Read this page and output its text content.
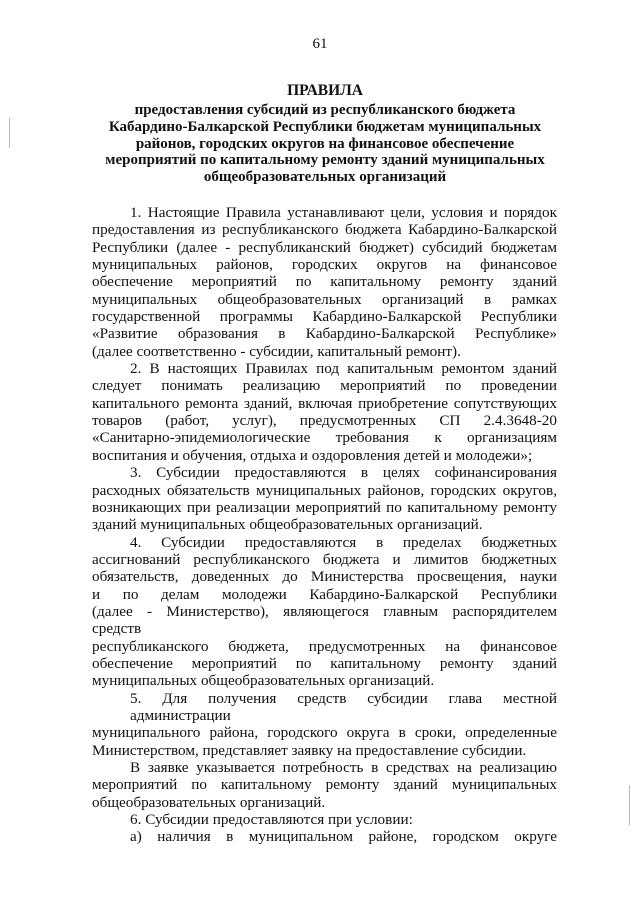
61
ПРАВИЛА
предоставления субсидий из республиканского бюджета
Кабардино-Балкарской Республики бюджетам муниципальных
районов, городских округов на финансовое обеспечение
мероприятий по капитальному ремонту зданий муниципальных
общеобразовательных организаций
1. Настоящие Правила устанавливают цели, условия и порядок
предоставления из республиканского бюджета Кабардино-Балкарской
Республики (далее - республиканский бюджет) субсидий бюджетам
муниципальных районов, городских округов на финансовое
обеспечение мероприятий по капитальному ремонту зданий
муниципальных общеобразовательных организаций в рамках
государственной программы Кабардино-Балкарской Республики
«Развитие образования в Кабардино-Балкарской Республике»
(далее соответственно - субсидии, капитальный ремонт).
2. В настоящих Правилах под капитальным ремонтом зданий
следует понимать реализацию мероприятий по проведении
капитального ремонта зданий, включая приобретение сопутствующих
товаров (работ, услуг), предусмотренных СП 2.4.3648-20
«Санитарно-эпидемиологические требования к организациям
воспитания и обучения, отдыха и оздоровления детей и молодежи»;
3. Субсидии предоставляются в целях софинансирования
расходных обязательств муниципальных районов, городских округов,
возникающих при реализации мероприятий по капитальному ремонту
зданий муниципальных общеобразовательных организаций.
4. Субсидии предоставляются в пределах бюджетных
ассигнований республиканского бюджета и лимитов бюджетных
обязательств, доведенных до Министерства просвещения, науки
и по делам молодежи Кабардино-Балкарской Республики
(далее - Министерство), являющегося главным распорядителем средств
республиканского бюджета, предусмотренных на финансовое
обеспечение мероприятий по капитальному ремонту зданий
муниципальных общеобразовательных организаций.
5. Для получения средств субсидии глава местной администрации
муниципального района, городского округа в сроки, определенные
Министерством, представляет заявку на предоставление субсидии.
В заявке указывается потребность в средствах на реализацию
мероприятий по капитальному ремонту зданий муниципальных
общеобразовательных организаций.
6. Субсидии предоставляются при условии:
а) наличия в муниципальном районе, городском округе
